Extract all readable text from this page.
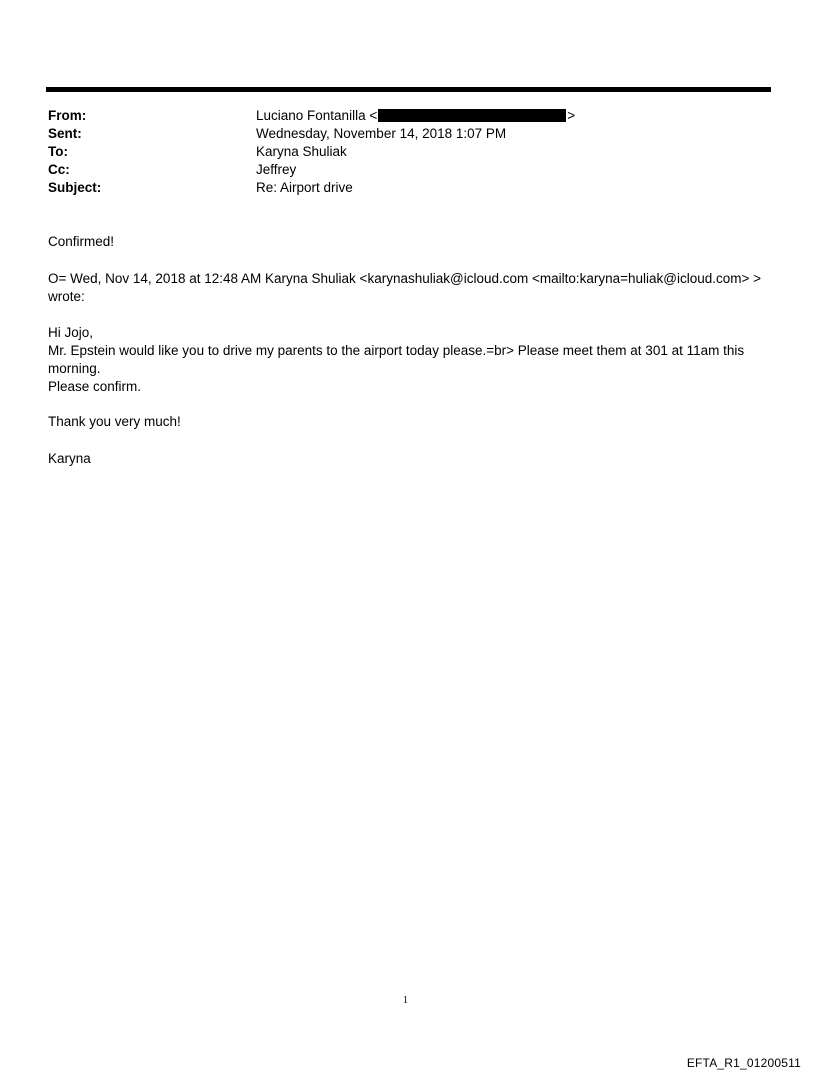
From:	Luciano Fontanilla <	>
Sent:	Wednesday, November 14, 2018 1:07 PM
To:	Karyna Shuliak
Cc:	Jeffrey
Subject:	Re: Airport drive

Confirmed!

O= Wed, Nov 14, 2018 at 12:48 AM Karyna Shuliak <karynashuliak@icloud.com <mailto:karyna=huliak@icloud.com> >

wrote:

Hi Jojo,

Mr. Epstein would like you to drive my parents to the airport today please.=br> Please meet them at 301 at 11am this

morning.

Please confirm.

Thank you very much!

Karyna

1
EFTA_R1_01200511
